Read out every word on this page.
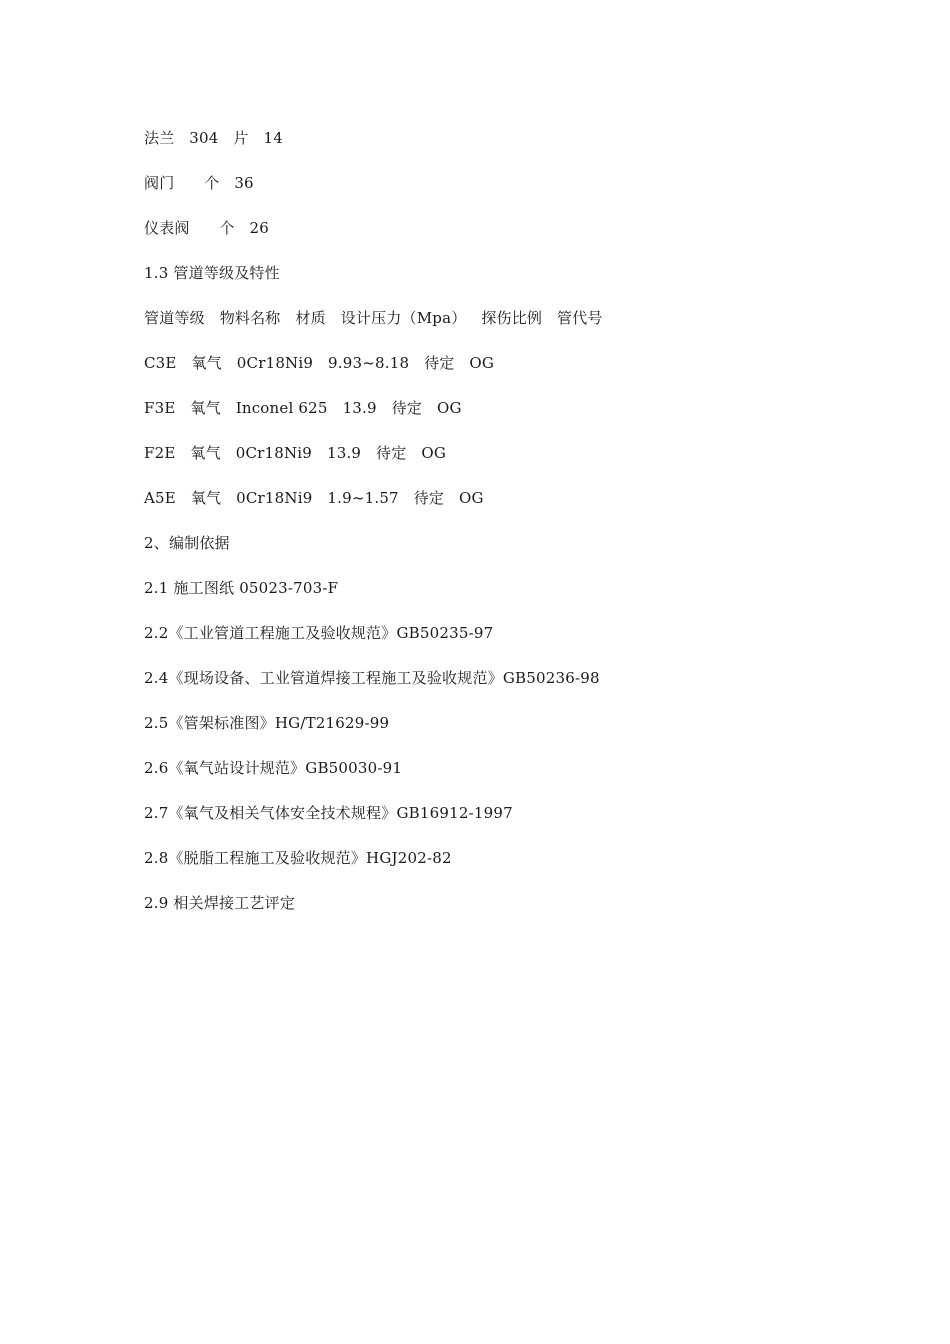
法兰   304   片   14
阀门      个   36
仪表阀      个   26
1.3 管道等级及特性
管道等级   物料名称   材质   设计压力（Mpa）   探伤比例   管代号
C3E   氧气   0Cr18Ni9   9.93~8.18   待定   OG
F3E   氧气   Inconel 625   13.9   待定   OG
F2E   氧气   0Cr18Ni9   13.9   待定   OG
A5E   氧气   0Cr18Ni9   1.9~1.57   待定   OG
2、编制依据
2.1 施工图纸 05023-703-F
2.2《工业管道工程施工及验收规范》GB50235-97
2.4《现场设备、工业管道焊接工程施工及验收规范》GB50236-98
2.5《管架标准图》HG/T21629-99
2.6《氧气站设计规范》GB50030-91
2.7《氧气及相关气体安全技术规程》GB16912-1997
2.8《脱脂工程施工及验收规范》HGJ202-82
2.9 相关焊接工艺评定
